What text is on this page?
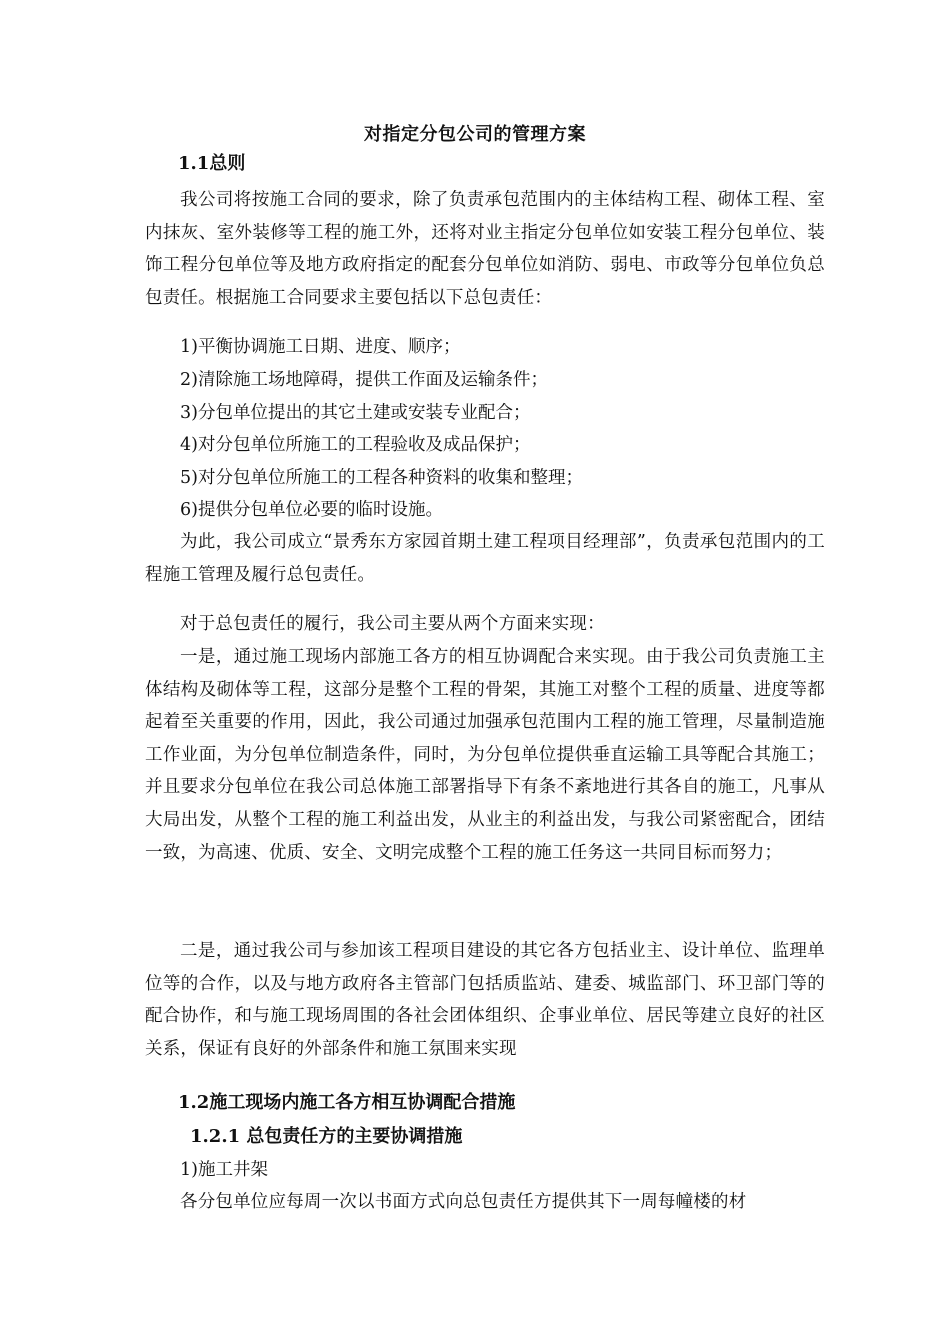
对指定分包公司的管理方案
1.1总则
我公司将按施工合同的要求，除了负责承包范围内的主体结构工程、砌体工程、室内抹灰、室外装修等工程的施工外，还将对业主指定分包单位如安装工程分包单位、装饰工程分包单位等及地方政府指定的配套分包单位如消防、弱电、市政等分包单位负总包责任。根据施工合同要求主要包括以下总包责任：
1)平衡协调施工日期、进度、顺序；
2)清除施工场地障碍，提供工作面及运输条件；
3)分包单位提出的其它土建或安装专业配合；
4)对分包单位所施工的工程验收及成品保护；
5)对分包单位所施工的工程各种资料的收集和整理；
6)提供分包单位必要的临时设施。
为此，我公司成立“景秀东方家园首期土建工程项目经理部”，负责承包范围内的工程施工管理及履行总包责任。
对于总包责任的履行，我公司主要从两个方面来实现：
一是，通过施工现场内部施工各方的相互协调配合来实现。由于我公司负责施工主体结构及砌体等工程，这部分是整个工程的骨架，其施工对整个工程的质量、进度等都起着至关重要的作用，因此，我公司通过加强承包范围内工程的施工管理，尽量制造施工作业面，为分包单位制造条件，同时，为分包单位提供垂直运输工具等配合其施工；并且要求分包单位在我公司总体施工部署指导下有条不紊地进行其各自的施工，凡事从大局出发，从整个工程的施工利益出发，从业主的利益出发，与我公司紧密配合，团结一致，为高速、优质、安全、文明完成整个工程的施工任务这一共同目标而努力；
二是，通过我公司与参加该工程项目建设的其它各方包括业主、设计单位、监理单位等的合作，以及与地方政府各主管部门包括质监站、建委、城监部门、环卫部门等的配合协作，和与施工现场周围的各社会团体组织、企事业单位、居民等建立良好的社区关系，保证有良好的外部条件和施工氛围来实现
1.2施工现场内施工各方相互协调配合措施
1.2.1 总包责任方的主要协调措施
1)施工井架
各分包单位应每周一次以书面方式向总包责任方提供其下一周每幢楼的材
